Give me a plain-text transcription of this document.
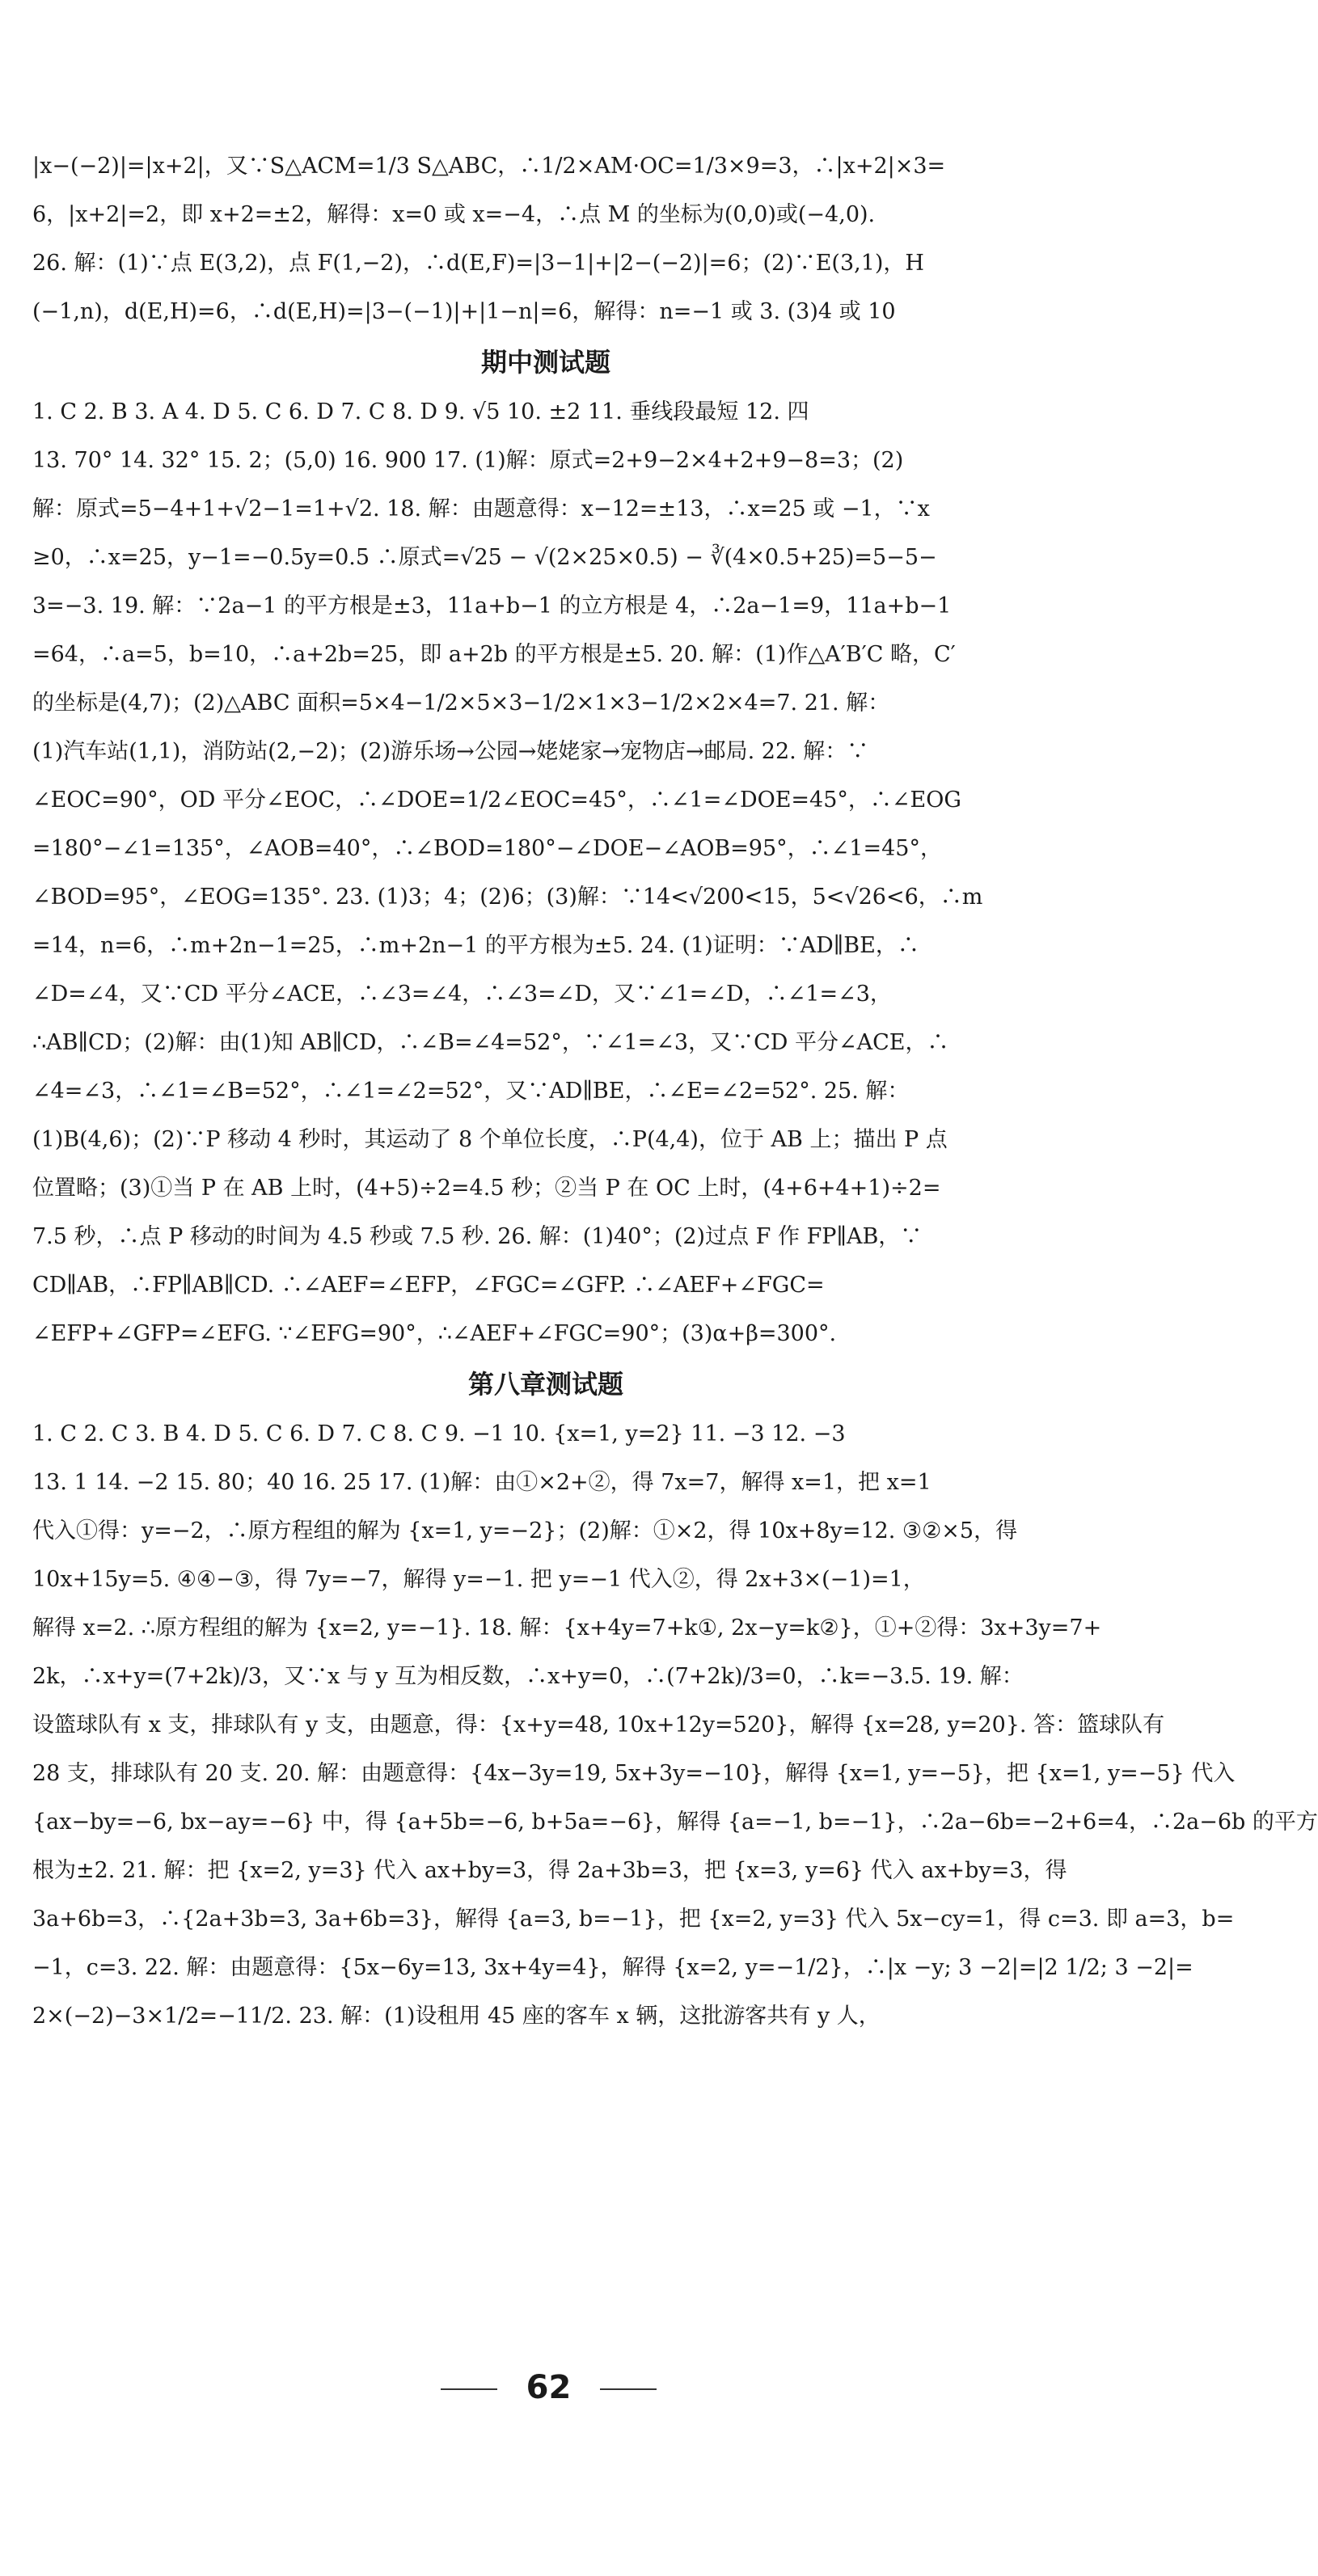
|x−(−2)|=|x+2|，又∵S△ACM=1/3 S△ABC，∴1/2×AM·OC=1/3×9=3，∴|x+2|×3=
6，|x+2|=2，即 x+2=±2，解得：x=0 或 x=−4，∴点 M 的坐标为(0,0)或(−4,0).
26. 解：(1)∵点 E(3,2)，点 F(1,−2)，∴d(E,F)=|3−1|+|2−(−2)|=6；(2)∵E(3,1)，H
(−1,n)，d(E,H)=6，∴d(E,H)=|3−(−1)|+|1−n|=6，解得：n=−1 或 3. (3)4 或 10
期中测试题
1. C 2. B 3. A 4. D 5. C 6. D 7. C 8. D 9. √5 10. ±2 11. 垂线段最短 12. 四
13. 70° 14. 32° 15. 2；(5,0) 16. 900 17. (1)解：原式=2+9−2×4+2+9−8=3；(2)
解：原式=5−4+1+√2−1=1+√2. 18. 解：由题意得：x−12=±13，∴x=25 或 −1，∵x
≥0，∴x=25，y−1=−0.5y=0.5 ∴原式=√25 − √(2×25×0.5) − ∛(4×0.5+25)=5−5−
3=−3. 19. 解：∵2a−1 的平方根是±3，11a+b−1 的立方根是 4，∴2a−1=9，11a+b−1
=64，∴a=5，b=10，∴a+2b=25，即 a+2b 的平方根是±5. 20. 解：(1)作△A′B′C 略，C′
的坐标是(4,7)；(2)△ABC 面积=5×4−1/2×5×3−1/2×1×3−1/2×2×4=7. 21. 解：
(1)汽车站(1,1)，消防站(2,−2)；(2)游乐场→公园→姥姥家→宠物店→邮局. 22. 解：∵
∠EOC=90°，OD 平分∠EOC，∴∠DOE=1/2∠EOC=45°，∴∠1=∠DOE=45°，∴∠EOG
=180°−∠1=135°，∠AOB=40°，∴∠BOD=180°−∠DOE−∠AOB=95°，∴∠1=45°，
∠BOD=95°，∠EOG=135°. 23. (1)3；4；(2)6；(3)解：∵14<√200<15，5<√26<6，∴m
=14，n=6，∴m+2n−1=25，∴m+2n−1 的平方根为±5. 24. (1)证明：∵AD∥BE，∴
∠D=∠4，又∵CD 平分∠ACE，∴∠3=∠4，∴∠3=∠D，又∵∠1=∠D，∴∠1=∠3，
∴AB∥CD；(2)解：由(1)知 AB∥CD，∴∠B=∠4=52°，∵∠1=∠3，又∵CD 平分∠ACE，∴
∠4=∠3，∴∠1=∠B=52°，∴∠1=∠2=52°，又∵AD∥BE，∴∠E=∠2=52°. 25. 解：
(1)B(4,6)；(2)∵P 移动 4 秒时，其运动了 8 个单位长度，∴P(4,4)，位于 AB 上；描出 P 点
位置略；(3)①当 P 在 AB 上时，(4+5)÷2=4.5 秒；②当 P 在 OC 上时，(4+6+4+1)÷2=
7.5 秒，∴点 P 移动的时间为 4.5 秒或 7.5 秒. 26. 解：(1)40°；(2)过点 F 作 FP∥AB，∵
CD∥AB，∴FP∥AB∥CD. ∴∠AEF=∠EFP，∠FGC=∠GFP. ∴∠AEF+∠FGC=
∠EFP+∠GFP=∠EFG. ∵∠EFG=90°，∴∠AEF+∠FGC=90°；(3)α+β=300°.
第八章测试题
1. C 2. C 3. B 4. D 5. C 6. D 7. C 8. C 9. −1 10. {x=1, y=2} 11. −3 12. −3
13. 1 14. −2 15. 80；40 16. 25 17. (1)解：由①×2+②，得 7x=7，解得 x=1，把 x=1
代入①得：y=−2，∴原方程组的解为 {x=1, y=−2}；(2)解：①×2，得 10x+8y=12. ③②×5，得
10x+15y=5. ④④−③，得 7y=−7，解得 y=−1. 把 y=−1 代入②，得 2x+3×(−1)=1，
解得 x=2. ∴原方程组的解为 {x=2, y=−1}. 18. 解：{x+4y=7+k①, 2x−y=k②}，①+②得：3x+3y=7+
2k，∴x+y=(7+2k)/3，又∵x 与 y 互为相反数，∴x+y=0，∴(7+2k)/3=0，∴k=−3.5. 19. 解：
设篮球队有 x 支，排球队有 y 支，由题意，得：{x+y=48, 10x+12y=520}，解得 {x=28, y=20}. 答：篮球队有
28 支，排球队有 20 支. 20. 解：由题意得：{4x−3y=19, 5x+3y=−10}，解得 {x=1, y=−5}，把 {x=1, y=−5} 代入
{ax−by=−6, bx−ay=−6} 中，得 {a+5b=−6, b+5a=−6}，解得 {a=−1, b=−1}，∴2a−6b=−2+6=4，∴2a−6b 的平方
根为±2. 21. 解：把 {x=2, y=3} 代入 ax+by=3，得 2a+3b=3，把 {x=3, y=6} 代入 ax+by=3，得
3a+6b=3，∴{2a+3b=3, 3a+6b=3}，解得 {a=3, b=−1}，把 {x=2, y=3} 代入 5x−cy=1，得 c=3. 即 a=3，b=
−1，c=3. 22. 解：由题意得：{5x−6y=13, 3x+4y=4}，解得 {x=2, y=−1/2}，∴|x −y; 3 −2|=|2 1/2; 3 −2|=
2×(−2)−3×1/2=−11/2. 23. 解：(1)设租用 45 座的客车 x 辆，这批游客共有 y 人，
62
